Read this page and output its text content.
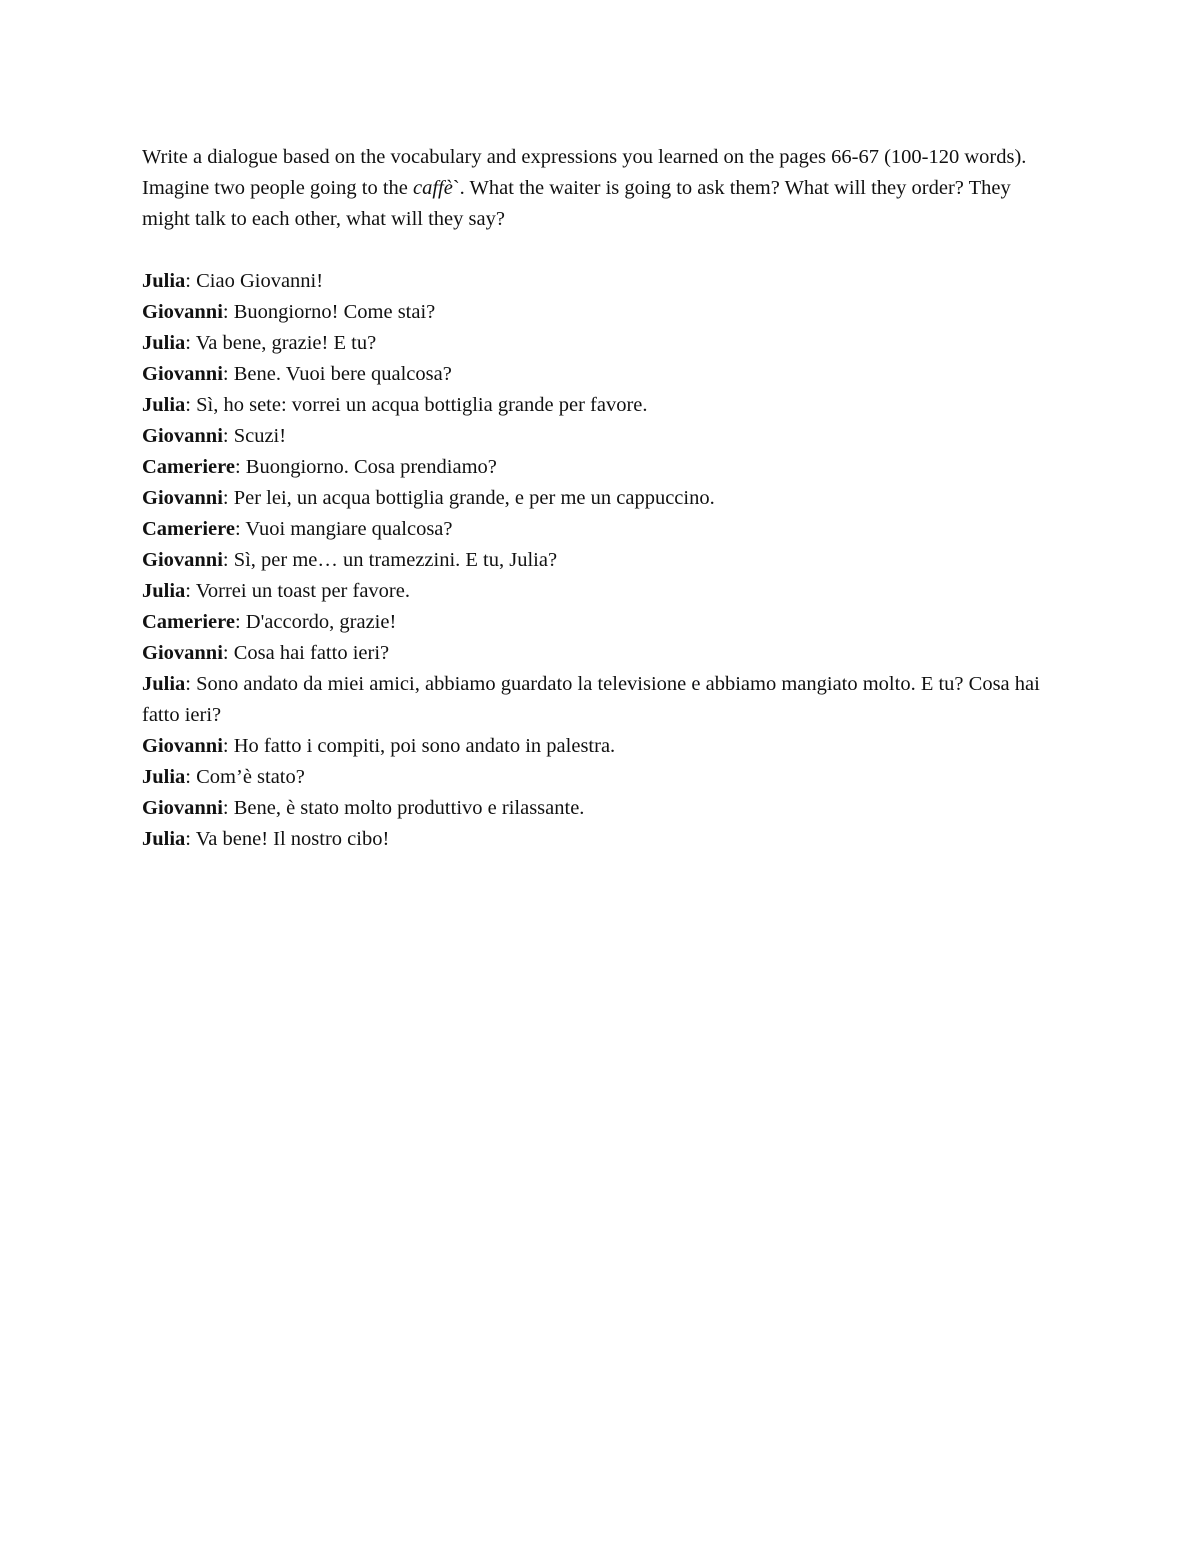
Write a dialogue based on the vocabulary and expressions you learned on the pages 66-67 (100-120 words). Imagine two people going to the caffè`. What the waiter is going to ask them? What will they order? They might talk to each other, what will they say?

Julia: Ciao Giovanni!

Giovanni: Buongiorno! Come stai?

Julia: Va bene, grazie! E tu?

Giovanni: Bene. Vuoi bere qualcosa?

Julia: Sì, ho sete: vorrei un acqua bottiglia grande per favore.

Giovanni: Scuzi!

Cameriere: Buongiorno. Cosa prendiamo?

Giovanni: Per lei, un acqua bottiglia grande, e per me un cappuccino.

Cameriere: Vuoi mangiare qualcosa?

Giovanni: Sì, per me… un tramezzini. E tu, Julia?

Julia: Vorrei un toast per favore.

Cameriere: D'accordo, grazie!

Giovanni: Cosa hai fatto ieri?

Julia: Sono andato da miei amici, abbiamo guardato la televisione e abbiamo mangiato molto. E tu? Cosa hai fatto ieri?

Giovanni: Ho fatto i compiti, poi sono andato in palestra.

Julia: Com’è stato?

Giovanni: Bene, è stato molto produttivo e rilassante.

Julia: Va bene! Il nostro cibo!
